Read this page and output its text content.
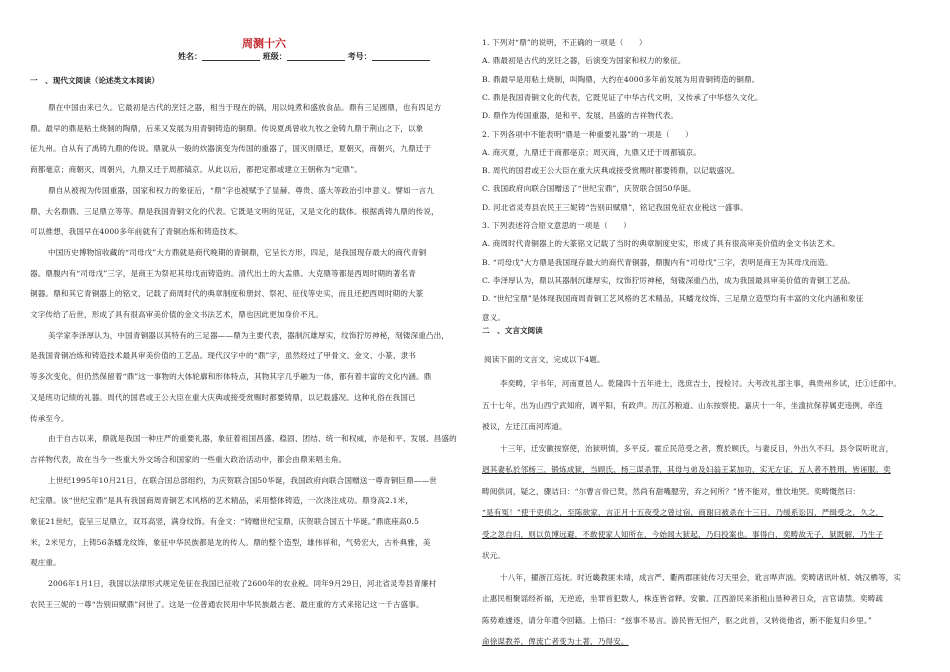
周测十六
姓名：	班级：	考号：
一　、现代文阅读（论述类文本阅读）
鼎在中国由来已久。它最初是古代的烹饪之器，相当于现在的锅，用以炖煮和盛放食品。鼎有三足圆鼎，也有四足方
鼎。最早的鼎是粘土烧制的陶鼎，后来又发展为用青铜铸造的铜鼎。传说夏禹曾收九牧之金铸九鼎于荆山之下，以象
征九州。自从有了禹铸九鼎的传说。鼎就从一般的炊器演变为传国的重器了，国灭则鼎迁，夏朝灭，商朝兴，九鼎迁于
商都毫京；商朝灭，周朝兴，九鼎又迁于周都镐京。从此以后，都把定都或建立王朝称为“定鼎”。
鼎自从被视为传国重器，国家和权力的象征后，“鼎”字也被赋予了显赫、尊贵、盛大等政治引申意义。譬如一言九
鼎、大名鼎鼎、三足鼎立等等。鼎是我国青铜文化的代表。它既是文明的见证，又是文化的载体。根据禹铸九鼎的传说，
可以推想，我国早在4000多年前就有了青铜冶炼和铸造技术。
中国历史博物馆收藏的“司母戊”大方鼎就是商代晚期的青铜鼎，它呈长方形，四足，是我国现存最大的商代青铜
器。鼎腹内有“司母戊”三字，是商王为祭祀其母戊而铸造的。清代出土的大盂鼎、大克鼎等都是西周时期的著名青
铜器。鼎和其它青铜器上的铭文，记载了商周时代的典章制度和册封、祭祀、征伐等史实，而且还把西周时期的大篆
文字传给了后世，形成了具有很高审美价值的金文书法艺术，鼎也因此更加身价不凡。
美学家李泽厚认为，中国青铜器以其特有的三足器——鼎为主要代表，器制沉雄厚实，纹饰狞厉神秘，刻镂深重凸出，
是我国青铜冶炼和铸造技术最具审美价值的工艺品。现代汉字中的“鼎”字，虽然经过了甲骨文、金文、小篆、隶书
等多次变化，但仍然保留着“鼎”这一事物的大体轮廓和形体特点，其物其字几乎融为一体，都有着丰富的文化内涵。鼎
又是班功记绩的礼器。周代的国君或王公大臣在重大庆典或接受赏赐时都要铸鼎，以记载盛况。这种礼俗在我国已
传承至今。
由于自古以来，鼎就是我国一种庄严的重要礼器，象征着祖国昌盛、稳固、团结、统一和权威，亦是和平、发展、昌盛的
吉祥物代表，故在当今一些重大外交场合和国家的一些重大政治活动中，都会由鼎来唱主角。
上世纪1995年10月21日，在联合国总部组约，为庆贺联合国50华诞，我国政府向联合国赠送一尊青铜巨鼎——世
纪宝鼎。该“世纪宝鼎”是具有我国商周青铜艺术风格的艺术精品，采用整体铸造，一次浇注成功。鼎身高2.1米，
象征21世纪，瓷呈三足鼎立，双耳高竖，满身纹饰。有金文：“铸赠世纪宝鼎，庆贺联合国五十华诞。”鼎底座高0.5
米，2米见方，上铸56条蟠龙纹饰，象征中华民族都是龙的传人。鼎的整个造型，雄伟祥和，气势宏大，古朴典雅，美
观庄重。
2006年1月1日，我国以法律形式规定免征在我国已征收了2600年的农业税。同年9月29日，河北省灵寿县青廉村
农民王三妮的一尊“告别田赋鼎”问世了。这是一位普通农民用中华民族最古老、最庄重的方式来铭记这一千古盛事。
1. 下列对“鼎”的说明，不正确的一项是（　　）
A. 鼎最初是古代的烹饪之器，后演变为国家和权力的象征。
B. 鼎最早是用粘土烧制，叫陶鼎，大约在4000多年前发展为用青铜铸造的铜鼎。
C. 鼎是我国青铜文化的代表，它既见证了中华古代文明，又传承了中华悠久文化。
D. 鼎作为传国重器，是和平、发展、昌盛的吉祥物代表。
2. 下列各项中不能表明“鼎是一种重要礼器”的一项是（　　）
A. 商灭夏，九鼎迁于商都亳京；周灭商，九鼎又迁于周都镐京。
B. 周代的国君或王公大臣在重大庆典或接受赏赐时都要铸鼎，以记载盛况。
C. 我国政府向联合国赠送了“世纪宝鼎”，庆贺联合国50华诞。
D. 河北省灵寿县农民王三妮铸“告别田赋鼎”，铭记我国免征农业税这一盛事。
3. 下列表述符合原文意思的一项是（　　）
A. 商周时代青铜器上的大篆铭文记载了当时的典章制度史实，形成了具有很高审美价值的金文书法艺术。
B. “司母戊”大方鼎是我国现存最大的商代青铜器，鼎腹内有“司母戊”三字，表明是商王为其母戊而造。
C. 李泽厚认为，鼎以其器制沉雄厚实，纹饰狞厉神秘，刻镂深重凸出，成为我国最具审美价值的青铜工艺品。
D. “世纪宝鼎”是体现我国商周青铜工艺风格的艺术精品，其蟠龙纹饰、三足鼎立造型均有丰富的文化内涵和象征
意义。
二　、文言文阅读
阅读下面的文言文，完成以下4题。
李奕畴，字书年，河南夏邑人。乾隆四十五年进士，选庶吉士，授检讨。大考改礼部主事，典贵州乡试，迁①迁郎中。
五十七年，出为山西宁武知府，调平阳，有政声。历江苏粮道、山东按察使。嘉庆十一年，坐滥抗保荐属吏违例，牵连
被议，左迁江南河库道。
十三年，迁安徽按察使，治狱明慎，多平反。霍丘民范受之者，赘於顾氏，与妻反目，外出久不归。县令误听讹言，
迥其妻私於邻杨三，锻炼成狱，当顾氏、杨三谋杀罪，其母与弟及妇翁王某加功，实无左证，五人者不胜刑，皆诬服。奕
畴阅供词，疑之，骤诘曰：“尔曹言骨已焚，然尚有甜嘴腮劳，弃之何所？”皆不能对，惟饮地哭。奕畴慨然曰：
“是有冤！”使干吏侦之，至陈欲家，言正月十五夜受之曾过宿，商谢曰被杀在十三日，乃缓系讼囚，严缉受之，久之，
受之忽自归，则以负博远避，不敢使家人知所在，今始闻大狱起，乃归投案也。事得白，奕畴故无子，狱既解，乃生子
状元。
十八年，擢浙江巡抚。时近畿教匪未靖，成言严、衢两郡匪徒传习天里会，讹言哗声汹。奕畴诸讯叶桢、姚汉栖等，实
止惠民相聚谣经祈福，无逆迹，坐罪首犯数人，株连皆省释。安徽、江西游民来浙租山垦种者日众，言官请禁。奕畴疏
陈势难遽逐，请分年遣令回籍。上悟曰：“兹事不易言。游民皆无恒产，驱之此首，又转徙他省，断不能复归乡里。”
命徐谋教养，俾流亡者变为土著，乃得安。
